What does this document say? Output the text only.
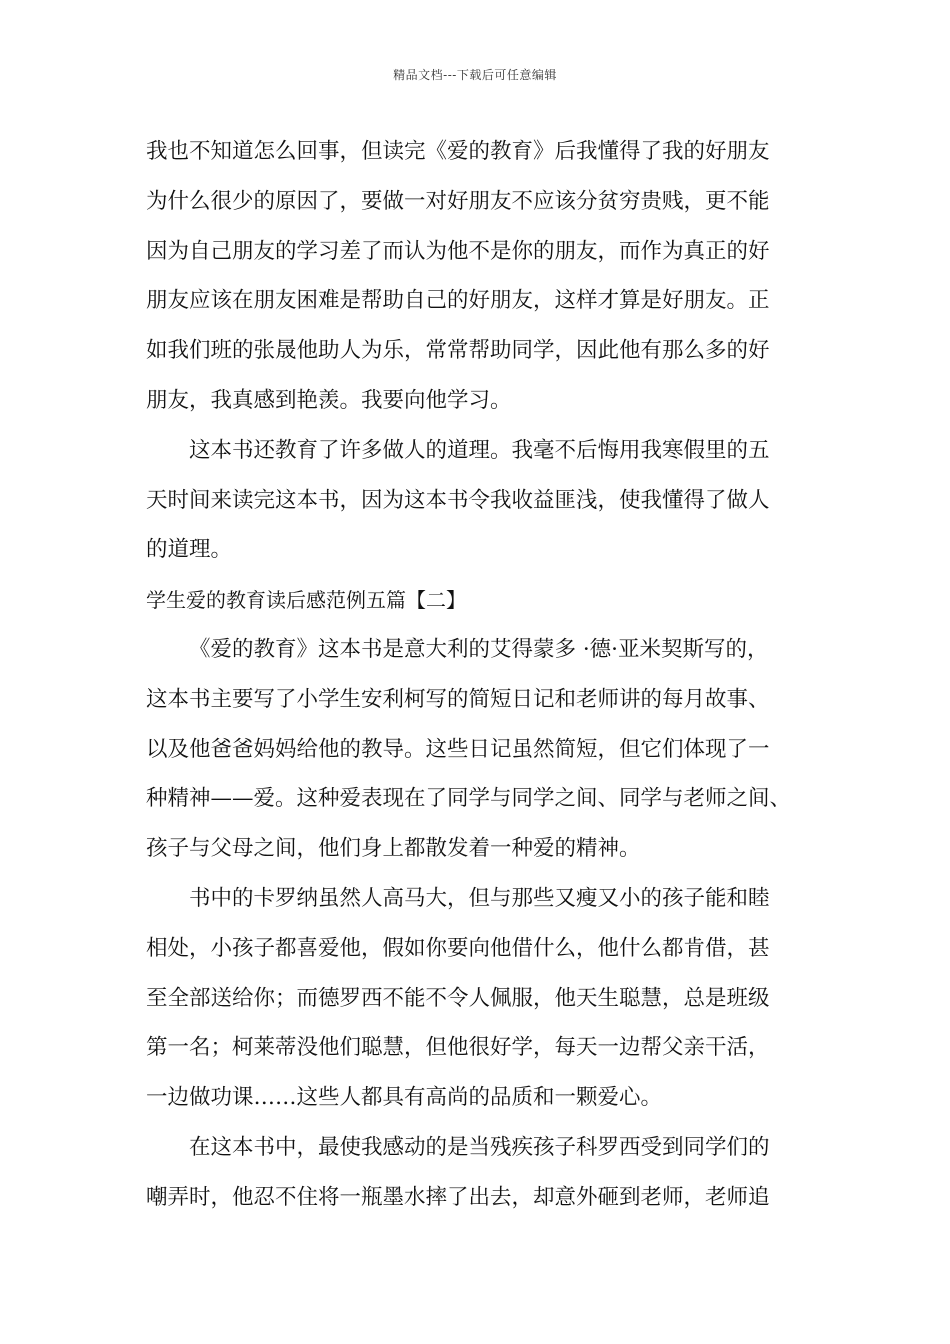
精品文档---下载后可任意编辑
我也不知道怎么回事，但读完《爱的教育》后我懂得了我的好朋友
为什么很少的原因了，要做一对好朋友不应该分贫穷贵贱，更不能
因为自己朋友的学习差了而认为他不是你的朋友，而作为真正的好
朋友应该在朋友困难是帮助自己的好朋友，这样才算是好朋友。正
如我们班的张晟他助人为乐，常常帮助同学，因此他有那么多的好
朋友，我真感到艳羡。我要向他学习。
这本书还教育了许多做人的道理。我毫不后悔用我寒假里的五
天时间来读完这本书，因为这本书令我收益匪浅，使我懂得了做人
的道理。
学生爱的教育读后感范例五篇【二】
《爱的教育》这本书是意大利的艾得蒙多 ·德·亚米契斯写的，
这本书主要写了小学生安利柯写的简短日记和老师讲的每月故事、
以及他爸爸妈妈给他的教导。这些日记虽然简短，但它们体现了一
种精神——爱。这种爱表现在了同学与同学之间、同学与老师之间、
孩子与父母之间，他们身上都散发着一种爱的精神。
书中的卡罗纳虽然人高马大，但与那些又瘦又小的孩子能和睦
相处，小孩子都喜爱他，假如你要向他借什么，他什么都肯借，甚
至全部送给你；而德罗西不能不令人佩服，他天生聪慧，总是班级
第一名；柯莱蒂没他们聪慧，但他很好学，每天一边帮父亲干活，
一边做功课……这些人都具有高尚的品质和一颗爱心。
在这本书中，最使我感动的是当残疾孩子科罗西受到同学们的
嘲弄时，他忍不住将一瓶墨水摔了出去，却意外砸到老师，老师追
